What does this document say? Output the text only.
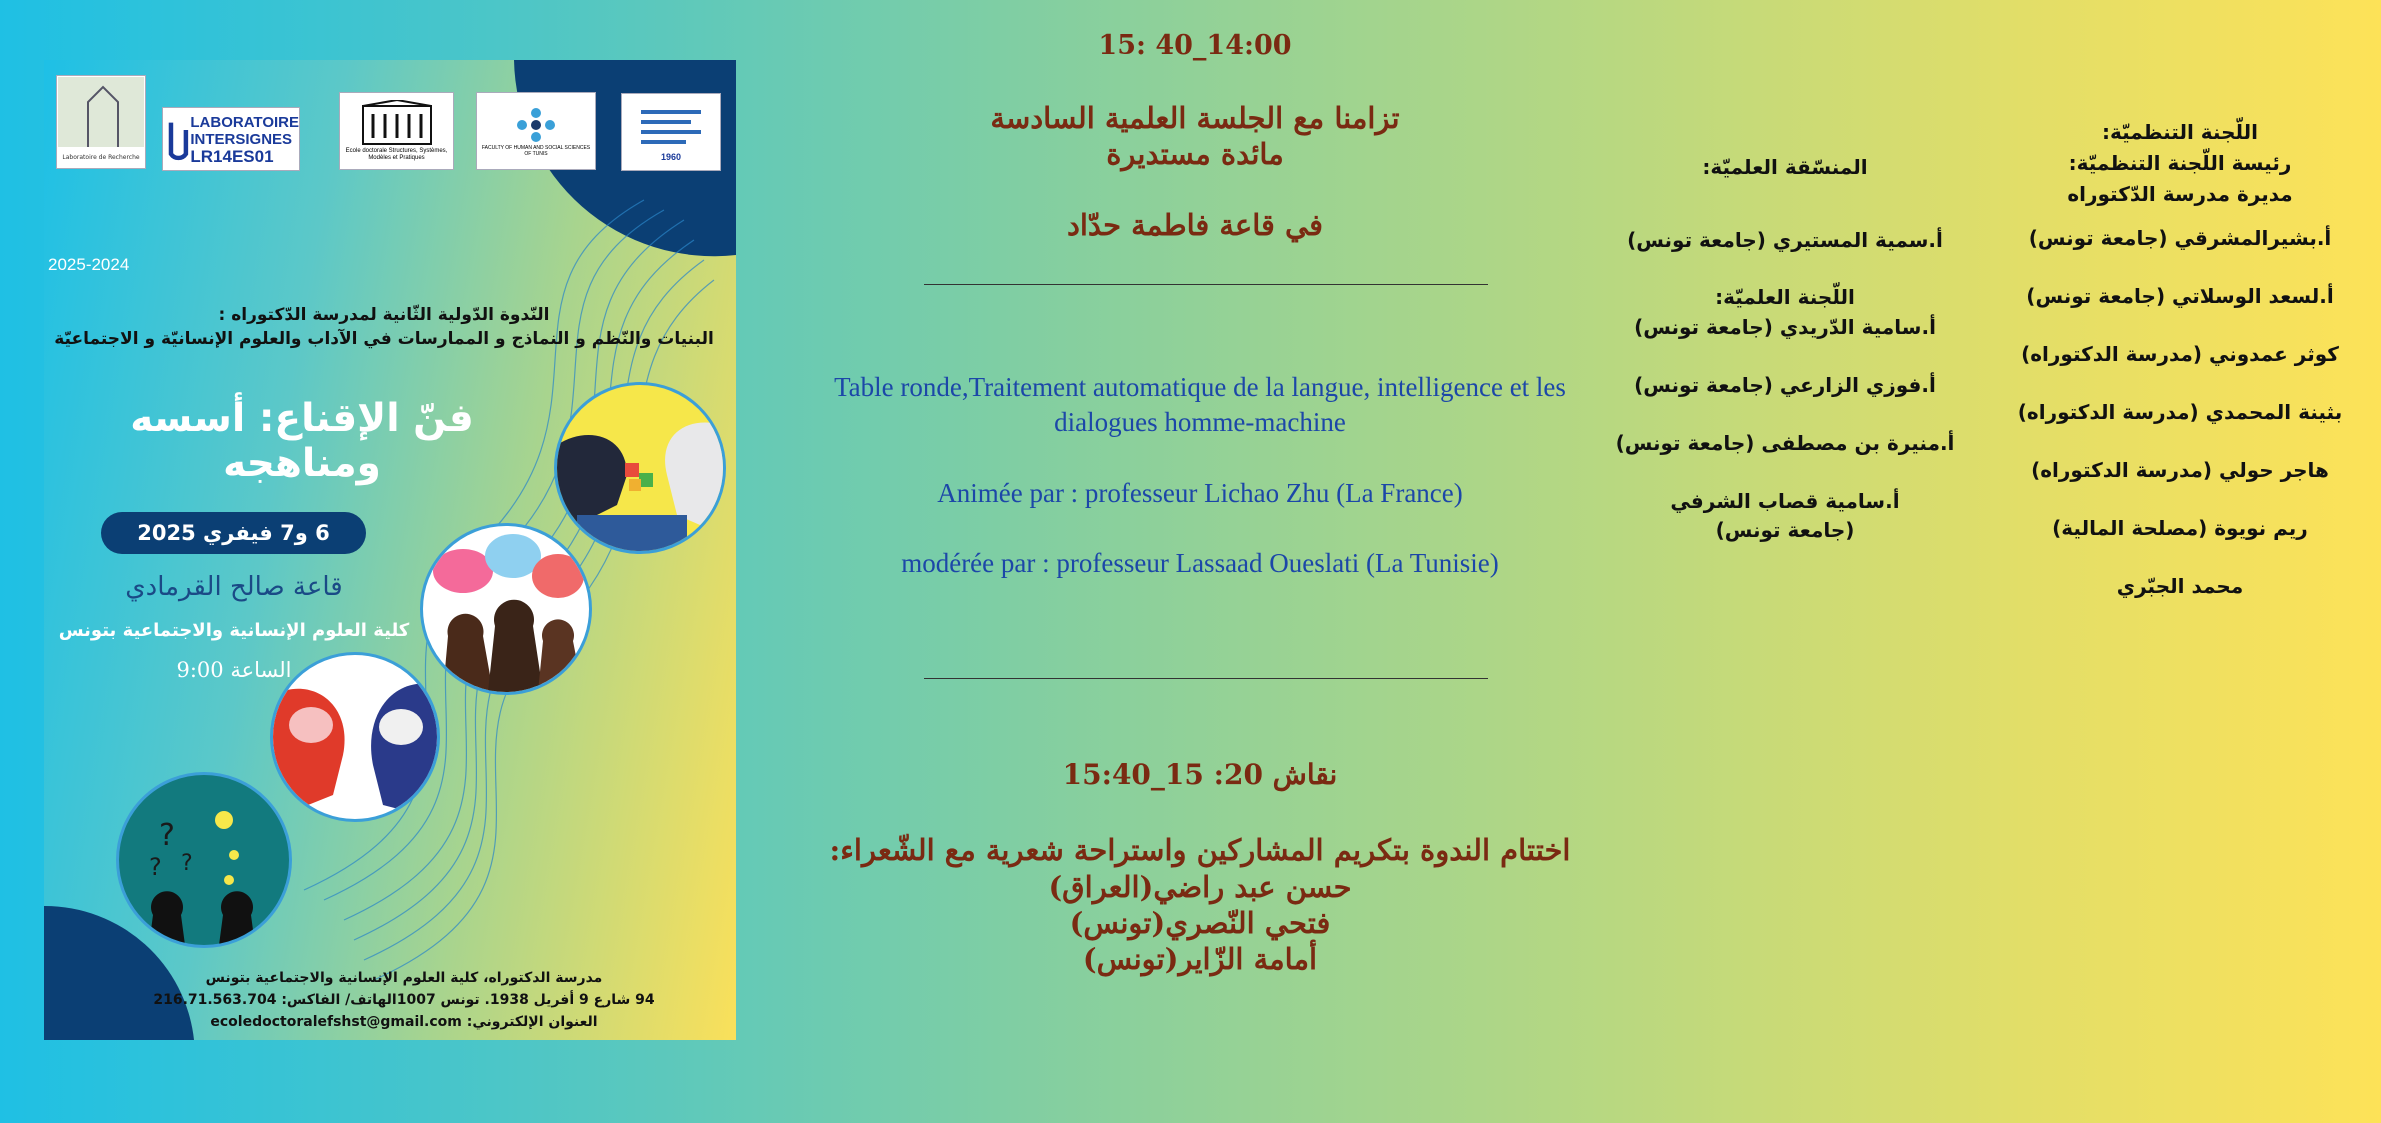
Laboratoire de Recherche
LABORATOIRE
INTERSIGNES
LR14ES01	Ecole doctorale Structures, Systèmes, Modèles et Pratiques
FACULTY OF HUMAN AND SOCIAL SCIENCES OF TUNIS	1960
2025-2024
النّدوة الدّولية الثّانية لمدرسة الدّكتوراه :
البنيات والنّظم و النماذج و الممارسات في الآداب والعلوم الإنسانيّة و الاجتماعيّة
فنّ الإقناع: أسسه ومناهجه
6 و7 فيفري 2025
قاعة صالح القرمادي
كلية العلوم الإنسانية والاجتماعية بتونس
الساعة 9:00
?
? ?
مدرسة الدكتوراه، كلية العلوم الإنسانية والاجتماعية بتونس
94 شارع 9 أفريل 1938. تونس 1007الهاتف/ الفاكس: 216.71.563.704
العنوان الإلكتروني: ecoledoctoralefshst@gmail.com
15: 40_14:00
تزامنا مع الجلسة العلمية السادسة
مائدة مستديرة
في قاعة فاطمة حدّاد
Table ronde,Traitement automatique de la langue, intelligence et les
dialogues homme-machine
Animée par : professeur Lichao Zhu (La France)
modérée par : professeur Lassaad Oueslati (La Tunisie)
نقاش 20: 15_15:40
اختتام الندوة بتكريم المشاركين واستراحة شعرية مع الشّعراء:
حسن عبد راضي(العراق)
فتحي النّصري(تونس)
أمامة الزّاير(تونس)
المنسّقة العلميّة:
أ.سمية المستيري (جامعة تونس)
اللّجنة العلميّة:
أ.سامية الدّريدي (جامعة تونس)
أ.فوزي الزارعي (جامعة تونس)
أ.منيرة بن مصطفى (جامعة تونس)
أ.سامية قصاب الشرفي
(جامعة تونس)
اللّجنة التنظميّة:
رئيسة اللّجنة التنظميّة:
مديرة مدرسة الدّكتوراه
أ.بشيرالمشرقي (جامعة تونس)
أ.لسعد الوسلاتي (جامعة تونس)
كوثر عمدوني (مدرسة الدكتوراه)
بثينة المحمدي (مدرسة الدكتوراه)
هاجر حولي (مدرسة الدكتوراه)
ريم نويوة (مصلحة المالية)
محمد الجبّري
